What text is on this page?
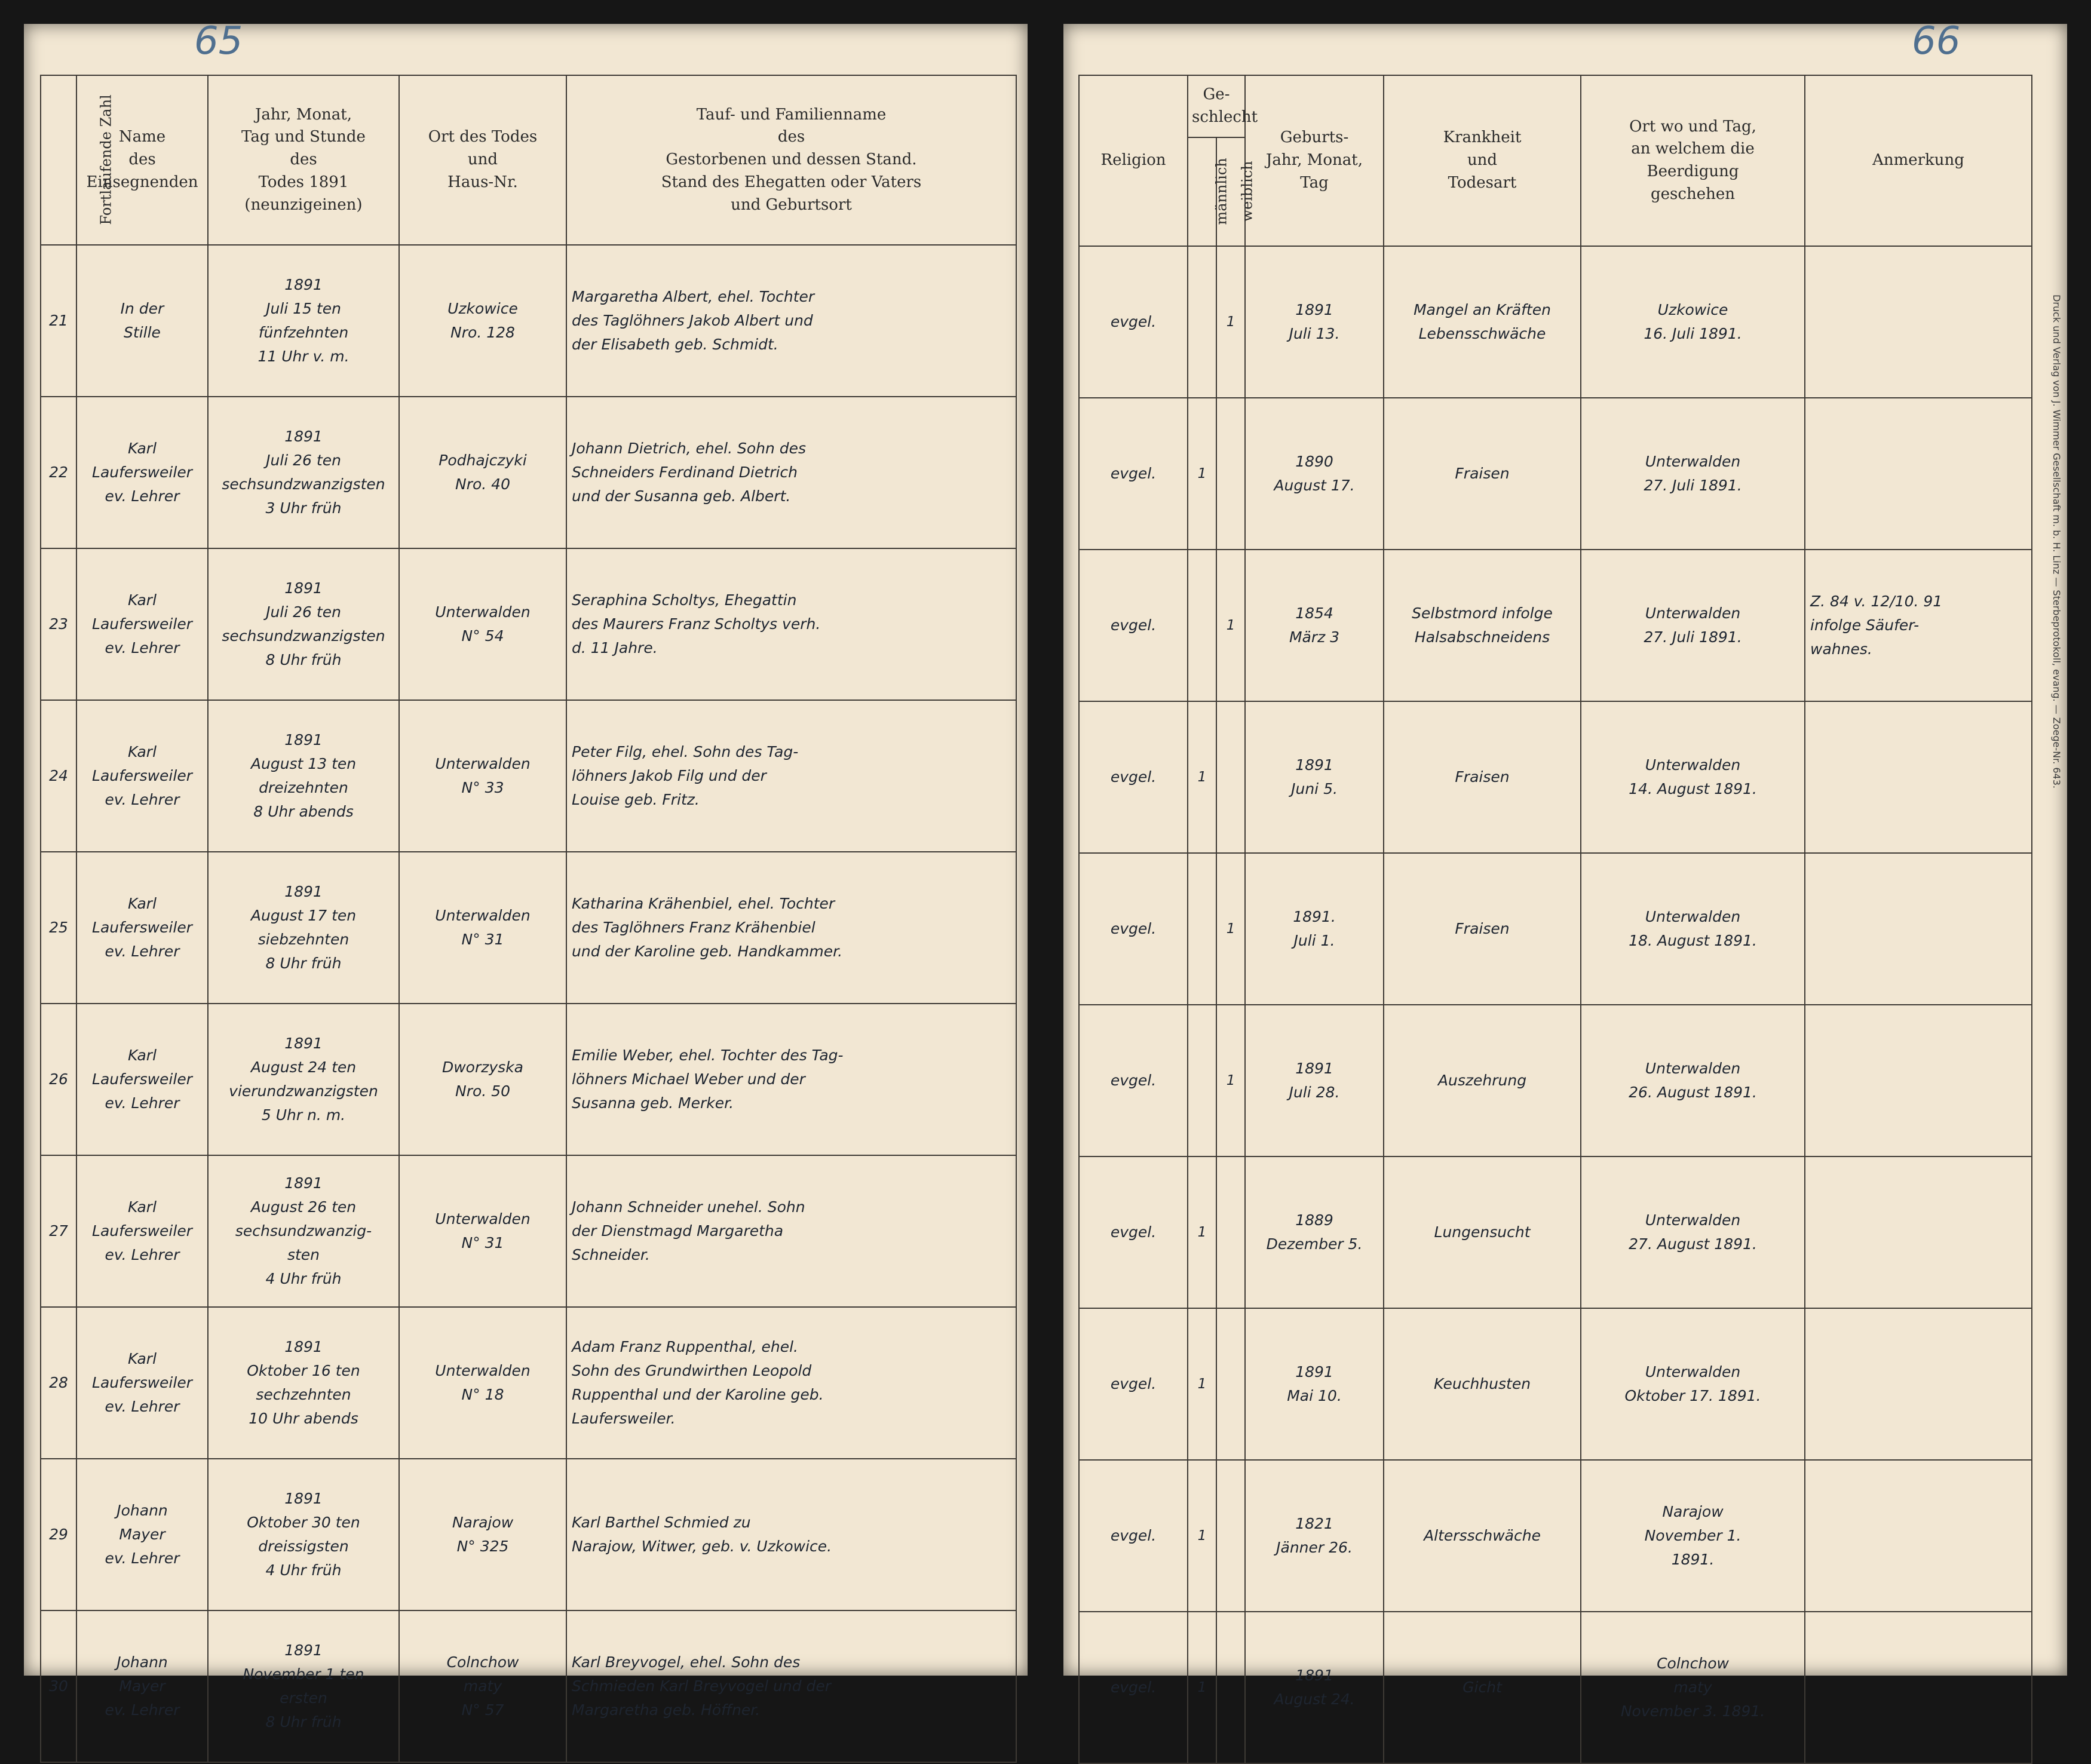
65
Fortlaufende Zahl	Name
des
Einsegnenden	Jahr, Monat,
Tag und Stunde
des
Todes 1891
(neunzigeinen)	Ort des Todes
und
Haus-Nr.	Tauf- und Familienname
des
Gestorbenen und dessen Stand.
Stand des Ehegatten oder Vaters
und Geburtsort
21	In der
Stille	1891
Juli 15 ten
fünfzehnten
11 Uhr v. m.	Uzkowice
Nro. 128	Margaretha Albert, ehel. Tochter
des Taglöhners Jakob Albert und
der Elisabeth geb. Schmidt.
22	Karl
Laufersweiler
ev. Lehrer	1891
Juli 26 ten
sechsundzwanzigsten
3 Uhr früh	Podhajczyki
Nro. 40	Johann Dietrich, ehel. Sohn des
Schneiders Ferdinand Dietrich
und der Susanna geb. Albert.
23	Karl
Laufersweiler
ev. Lehrer	1891
Juli 26 ten
sechsundzwanzigsten
8 Uhr früh	Unterwalden
N° 54	Seraphina Scholtys, Ehegattin
des Maurers Franz Scholtys verh.
d. 11 Jahre.
24	Karl
Laufersweiler
ev. Lehrer	1891
August 13 ten
dreizehnten
8 Uhr abends	Unterwalden
N° 33	Peter Filg, ehel. Sohn des Tag-
löhners Jakob Filg und der
Louise geb. Fritz.
25	Karl
Laufersweiler
ev. Lehrer	1891
August 17 ten
siebzehnten
8 Uhr früh	Unterwalden
N° 31	Katharina Krähenbiel, ehel. Tochter
des Taglöhners Franz Krähenbiel
und der Karoline geb. Handkammer.
26	Karl
Laufersweiler
ev. Lehrer	1891
August 24 ten
vierundzwanzigsten
5 Uhr n. m.	Dworzyska
Nro. 50	Emilie Weber, ehel. Tochter des Tag-
löhners Michael Weber und der
Susanna geb. Merker.
27	Karl
Laufersweiler
ev. Lehrer	1891
August 26 ten
sechsundzwanzig-
sten
4 Uhr früh	Unterwalden
N° 31	Johann Schneider unehel. Sohn
der Dienstmagd Margaretha
Schneider.
28	Karl
Laufersweiler
ev. Lehrer	1891
Oktober 16 ten
sechzehnten
10 Uhr abends	Unterwalden
N° 18	Adam Franz Ruppenthal, ehel.
Sohn des Grundwirthen Leopold
Ruppenthal und der Karoline geb.
Laufersweiler.
29	Johann
Mayer
ev. Lehrer	1891
Oktober 30 ten
dreissigsten
4 Uhr früh	Narajow
N° 325	Karl Barthel Schmied zu
Narajow, Witwer, geb. v. Uzkowice.
30	Johann
Mayer
ev. Lehrer	1891
November 1 ten
ersten
8 Uhr früh	Colnchow
maty
N° 57	Karl Breyvogel, ehel. Sohn des
Schmieden Karl Breyvogel und der
Margaretha geb. Höffner.
66
Religion	Ge-
schlecht		Geburts-
Jahr, Monat,
Tag	Krankheit
und
Todesart	Ort wo und Tag,
an welchem die
Beerdigung
geschehen	Anmerkung
	männlich	weiblich				
evgel.		1	1891
Juli 13.	Mangel an Kräften
Lebensschwäche	Uzkowice
16. Juli 1891.	
evgel.	1		1890
August 17.	Fraisen	Unterwalden
27. Juli 1891.	
evgel.		1	1854
März 3	Selbstmord infolge
Halsabschneidens	Unterwalden
27. Juli 1891.	Z. 84 v. 12/10. 91
infolge Säufer-
wahnes.
evgel.	1		1891
Juni 5.	Fraisen	Unterwalden
14. August 1891.	
evgel.		1	1891.
Juli 1.	Fraisen	Unterwalden
18. August 1891.	
evgel.		1	1891
Juli 28.	Auszehrung	Unterwalden
26. August 1891.	
evgel.	1		1889
Dezember 5.	Lungensucht	Unterwalden
27. August 1891.	
evgel.	1		1891
Mai 10.	Keuchhusten	Unterwalden
Oktober 17. 1891.	
evgel.	1		1821
Jänner 26.	Altersschwäche	Narajow
November 1.
1891.	
evgel.	1		1891
August 24.	Gicht	Colnchow
maty
November 3. 1891.	
Druck und Verlag von J. Wimmer Gesellschaft m. b. H. Linz — Sterbeprotokoll, evang. — Zoege-Nr. 643.
